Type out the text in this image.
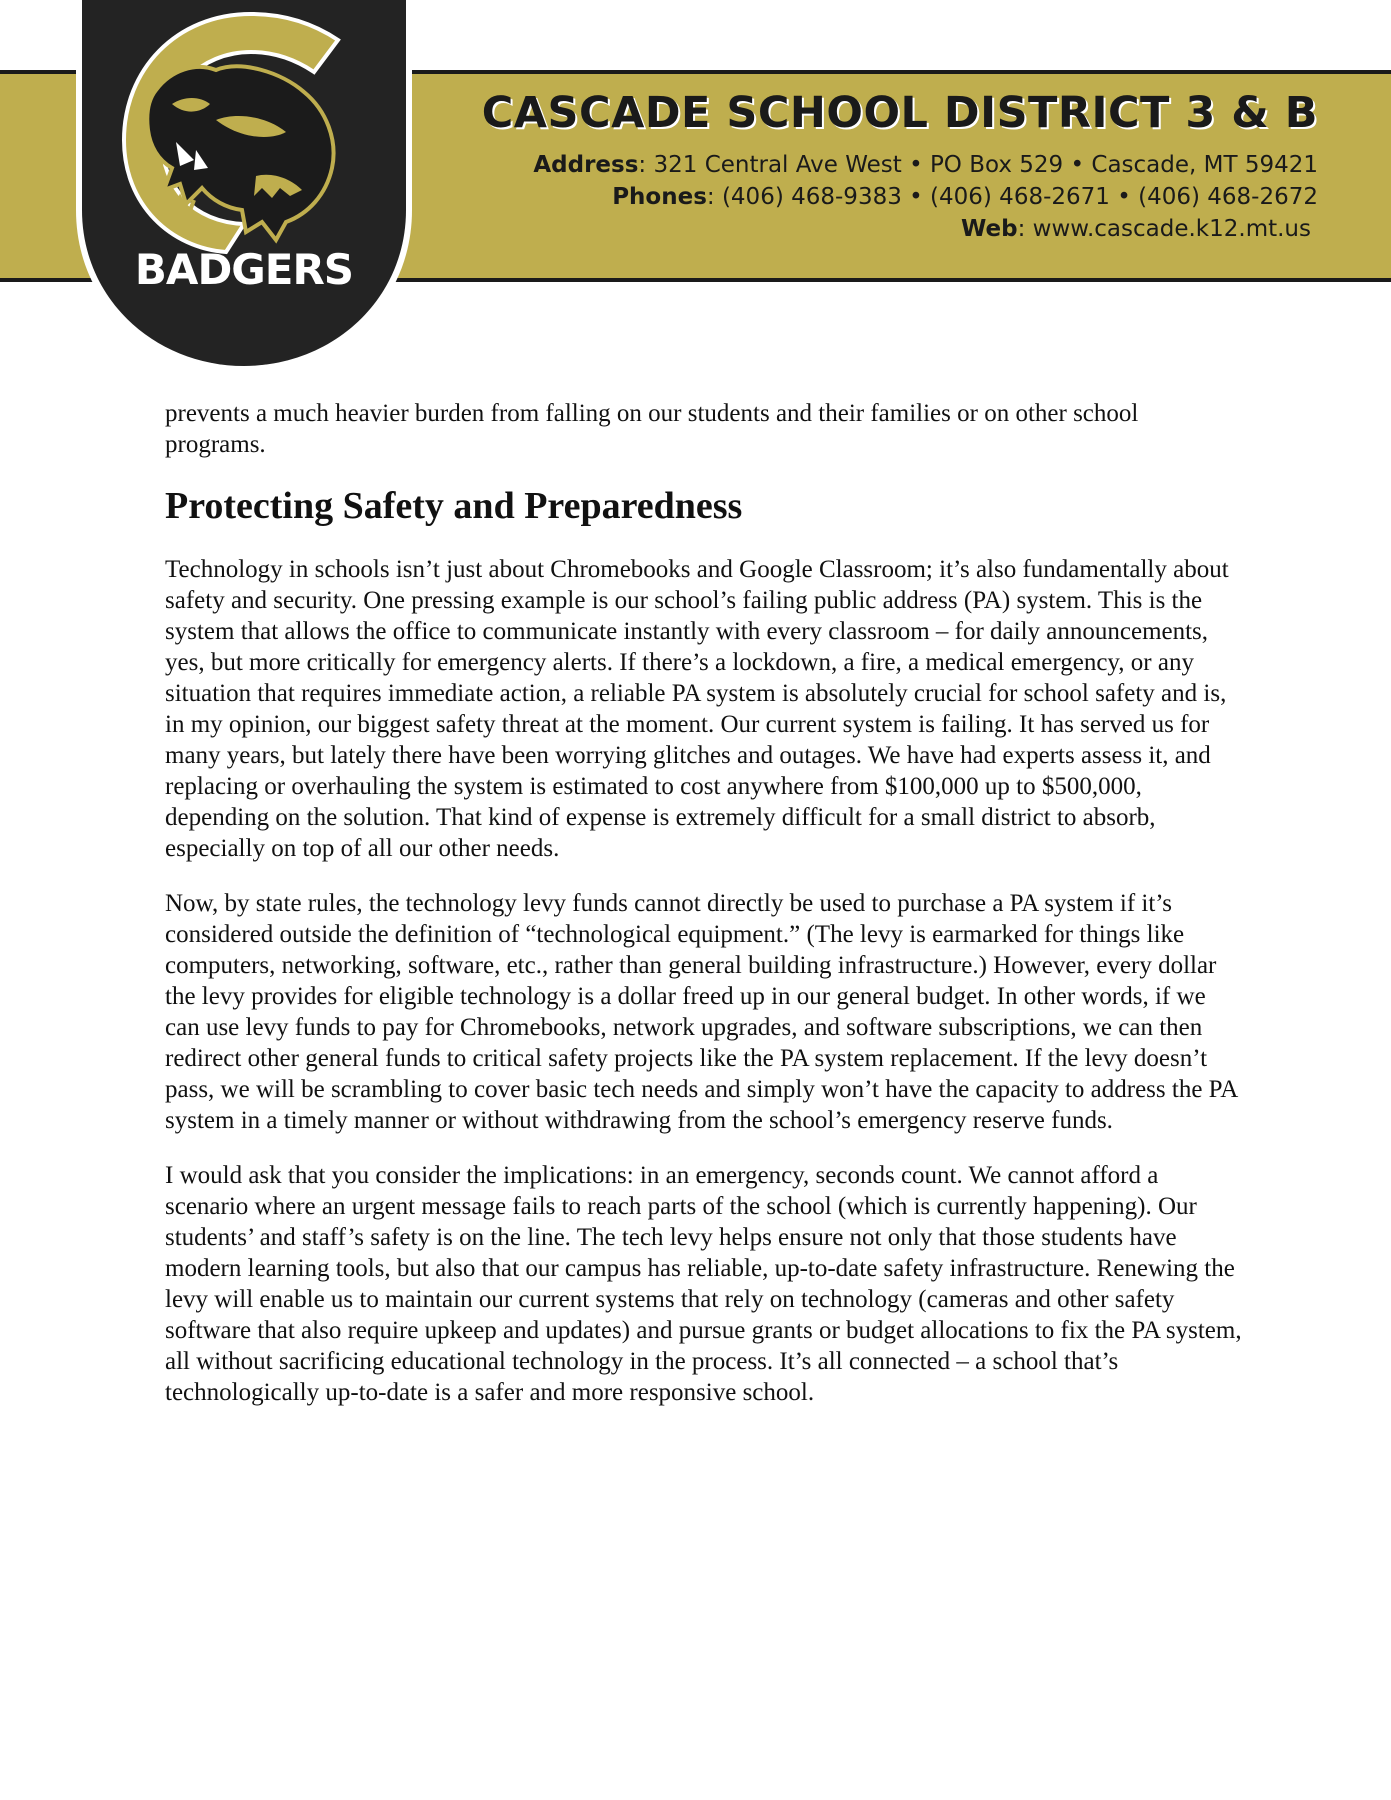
CASCADE SCHOOL DISTRICT 3 & B
Address: 321 Central Ave West • PO Box 529 • Cascade, MT 59421
Phones: (406) 468-9383 • (406) 468-2671 • (406) 468-2672
Web: www.cascade.k12.mt.us
BADGERS

prevents a much heavier burden from falling on our students and their families or on other school programs.

Protecting Safety and Preparedness

Technology in schools isn’t just about Chromebooks and Google Classroom; it’s also fundamentally about safety and security. One pressing example is our school’s failing public address (PA) system. This is the system that allows the office to communicate instantly with every classroom – for daily announcements, yes, but more critically for emergency alerts. If there’s a lockdown, a fire, a medical emergency, or any situation that requires immediate action, a reliable PA system is absolutely crucial for school safety and is, in my opinion, our biggest safety threat at the moment. Our current system is failing. It has served us for many years, but lately there have been worrying glitches and outages. We have had experts assess it, and replacing or overhauling the system is estimated to cost anywhere from $100,000 up to $500,000, depending on the solution. That kind of expense is extremely difficult for a small district to absorb, especially on top of all our other needs.

Now, by state rules, the technology levy funds cannot directly be used to purchase a PA system if it’s considered outside the definition of “technological equipment.” (The levy is earmarked for things like computers, networking, software, etc., rather than general building infrastructure.) However, every dollar the levy provides for eligible technology is a dollar freed up in our general budget. In other words, if we can use levy funds to pay for Chromebooks, network upgrades, and software subscriptions, we can then redirect other general funds to critical safety projects like the PA system replacement. If the levy doesn’t pass, we will be scrambling to cover basic tech needs and simply won’t have the capacity to address the PA system in a timely manner or without withdrawing from the school’s emergency reserve funds.

I would ask that you consider the implications: in an emergency, seconds count. We cannot afford a scenario where an urgent message fails to reach parts of the school (which is currently happening). Our students’ and staff’s safety is on the line. The tech levy helps ensure not only that those students have modern learning tools, but also that our campus has reliable, up-to-date safety infrastructure. Renewing the levy will enable us to maintain our current systems that rely on technology (cameras and other safety software that also require upkeep and updates) and pursue grants or budget allocations to fix the PA system, all without sacrificing educational technology in the process. It’s all connected – a school that’s technologically up-to-date is a safer and more responsive school.
